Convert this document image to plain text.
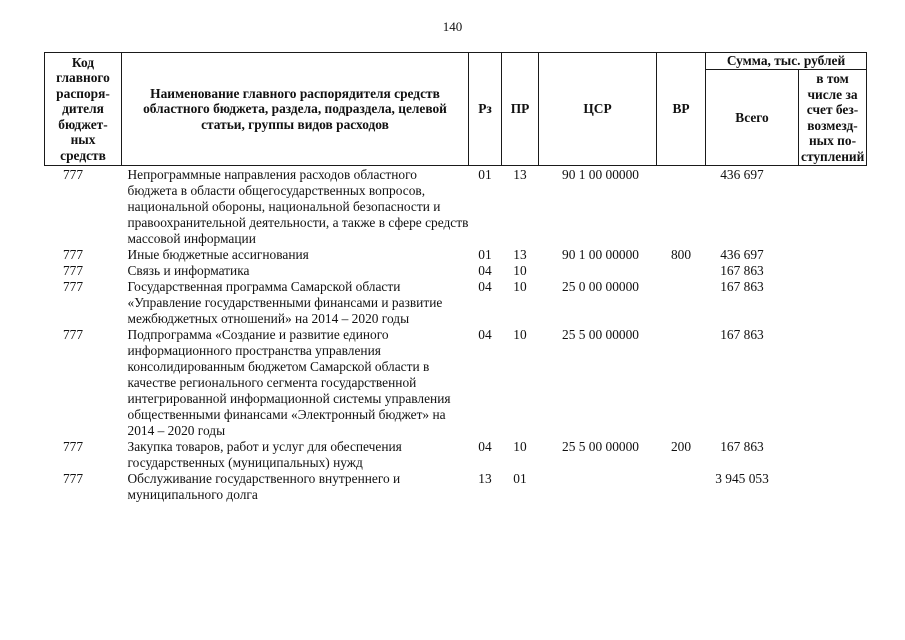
140
Код главного распоря-дителя бюджет-ных средств	Наименование главного распорядителя средств областного бюджета, раздела, подраздела, целевой статьи, группы видов расходов	Рз	ПР	ЦСР	ВР	Сумма, тыс. рублей	
						Всего	в том числе за счет без-возмезд-ных по-ступлений
777	Непрограммные направления расходов областного бюджета в области общегосударственных вопросов, национальной обороны, национальной безопасности и правоохранительной деятельности, а также в сфере средств массовой информации	01	13	90 1 00 00000		436 697	
777	Иные бюджетные ассигнования	01	13	90 1 00 00000	800	436 697	
777	Связь и информатика	04	10			167 863	
777	Государственная программа Самарской области «Управление государственными финансами и развитие межбюджетных отношений» на 2014 – 2020 годы	04	10	25 0 00 00000		167 863	
777	Подпрограмма «Создание и развитие единого информационного пространства управления консолидированным бюджетом Самарской области в качестве регионального сегмента государственной интегрированной информационной системы управления общественными финансами «Электронный бюджет» на 2014 – 2020 годы	04	10	25 5 00 00000		167 863	
777	Закупка товаров, работ и услуг для обеспечения государственных (муниципальных) нужд	04	10	25 5 00 00000	200	167 863	
777	Обслуживание государственного внутреннего и муниципального долга	13	01			3 945 053	
